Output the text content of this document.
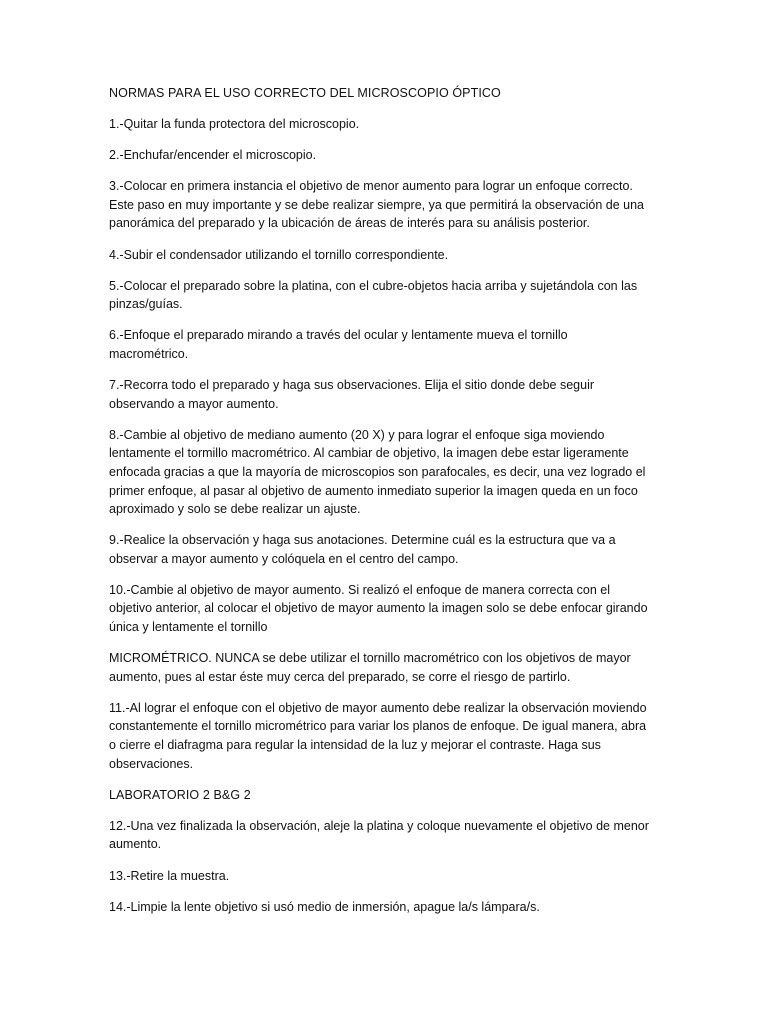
NORMAS PARA EL USO CORRECTO DEL MICROSCOPIO ÓPTICO

1.-Quitar la funda protectora del microscopio.

2.-Enchufar/encender el microscopio.

3.-Colocar en primera instancia el objetivo de menor aumento para lograr un enfoque correcto. Este paso en muy importante y se debe realizar siempre, ya que permitirá la observación de una panorámica del preparado y la ubicación de áreas de interés para su análisis posterior.

4.-Subir el condensador utilizando el tornillo correspondiente.

5.-Colocar el preparado sobre la platina, con el cubre-objetos hacia arriba y sujetándola con las pinzas/guías.

6.-Enfoque el preparado mirando a través del ocular y lentamente mueva el tornillo macrométrico.

7.-Recorra todo el preparado y haga sus observaciones. Elija el sitio donde debe seguir observando a mayor aumento.

8.-Cambie al objetivo de mediano aumento (20 X) y para lograr el enfoque siga moviendo lentamente el tormillo macrométrico. Al cambiar de objetivo, la imagen debe estar ligeramente enfocada gracias a que la mayoría de microscopios son parafocales, es decir, una vez logrado el primer enfoque, al pasar al objetivo de aumento inmediato superior la imagen queda en un foco aproximado y solo se debe realizar un ajuste.

9.-Realice la observación y haga sus anotaciones. Determine cuál es la estructura que va a observar a mayor aumento y colóquela en el centro del campo.

10.-Cambie al objetivo de mayor aumento. Si realizó el enfoque de manera correcta con el objetivo anterior, al colocar el objetivo de mayor aumento la imagen solo se debe enfocar girando única y lentamente el tornillo

MICROMÉTRICO. NUNCA se debe utilizar el tornillo macrométrico con los objetivos de mayor aumento, pues al estar éste muy cerca del preparado, se corre el riesgo de partirlo.

11.-Al lograr el enfoque con el objetivo de mayor aumento debe realizar la observación moviendo constantemente el tornillo micrométrico para variar los planos de enfoque. De igual manera, abra o cierre el diafragma para regular la intensidad de la luz y mejorar el contraste. Haga sus observaciones.

LABORATORIO 2 B&G 2

12.-Una vez finalizada la observación, aleje la platina y coloque nuevamente el objetivo de menor aumento.

13.-Retire la muestra.

14.-Limpie la lente objetivo si usó medio de inmersión, apague la/s lámpara/s.
